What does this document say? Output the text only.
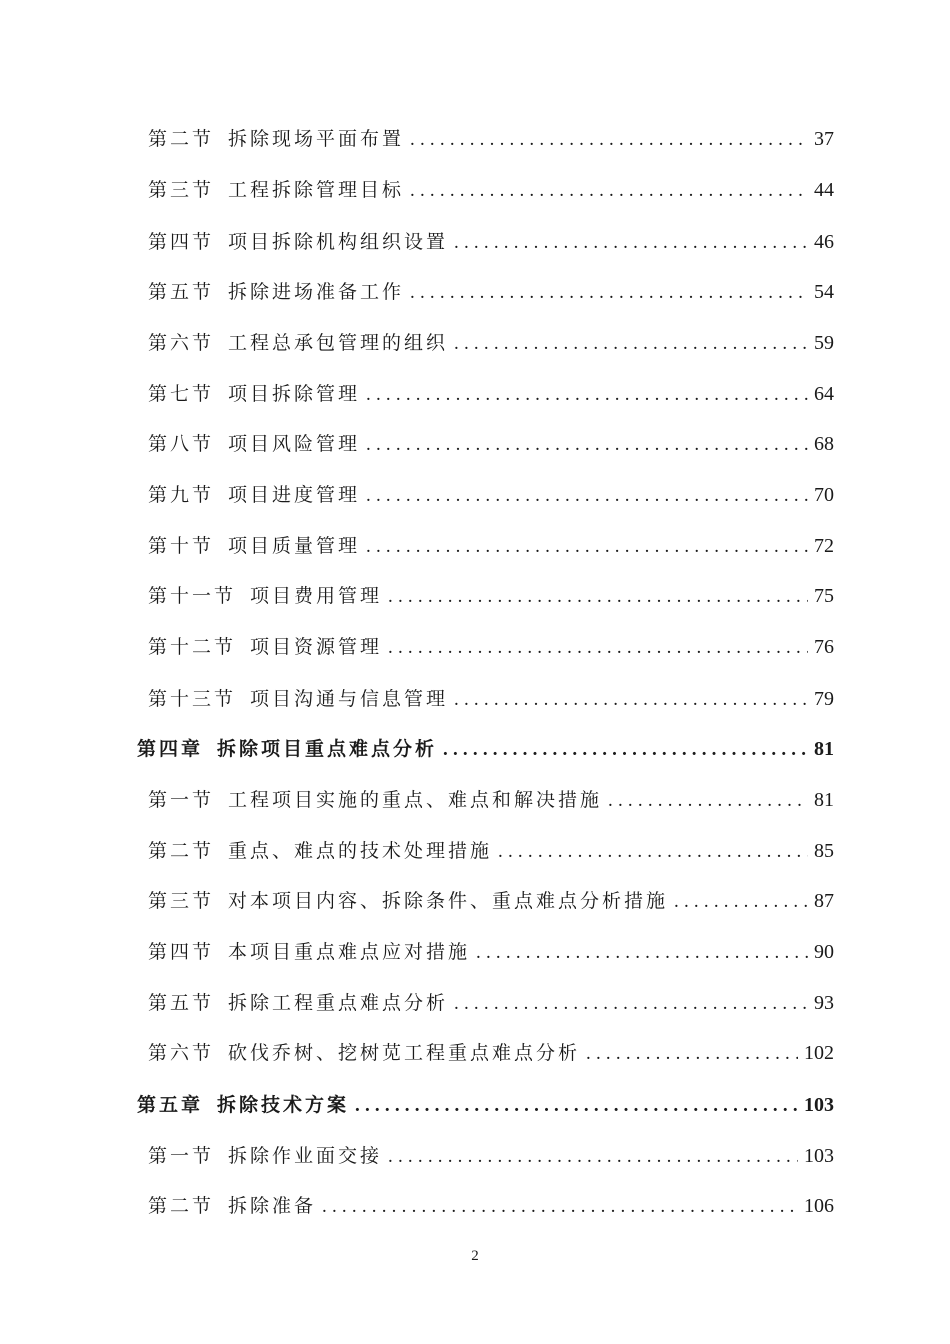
第二节 拆除现场平面布置 .....	37
第三节 工程拆除管理目标 .....	44
第四节 项目拆除机构组织设置 .....	46
第五节 拆除进场准备工作 .....	54
第六节 工程总承包管理的组织 .....	59
第七节 项目拆除管理 .....	64
第八节 项目风险管理 .....	68
第九节 项目进度管理 .....	70
第十节 项目质量管理 .....	72
第十一节 项目费用管理 .....	75
第十二节 项目资源管理 .....	76
第十三节 项目沟通与信息管理 .....	79
第四章 拆除项目重点难点分析 .....	81
第一节 工程项目实施的重点、难点和解决措施 .....	81
第二节 重点、难点的技术处理措施 .....	85
第三节 对本项目内容、拆除条件、重点难点分析措施 .....	87
第四节 本项目重点难点应对措施 .....	90
第五节 拆除工程重点难点分析 .....	93
第六节 砍伐乔树、挖树苋工程重点难点分析 .....	102
第五章 拆除技术方案 .....	103
第一节 拆除作业面交接 .....	103
第二节 拆除准备 .....	106
2
